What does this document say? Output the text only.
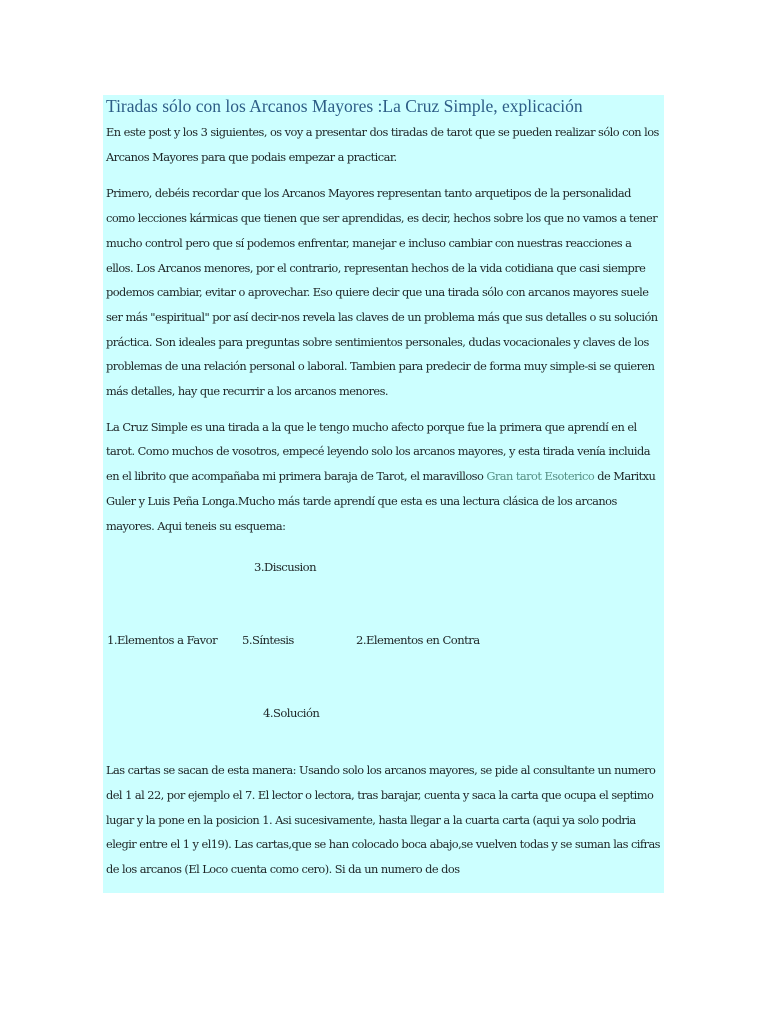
Tiradas sólo con los Arcanos Mayores :La Cruz Simple, explicación

En este post y los 3 siguientes, os voy a presentar dos tiradas de tarot que se pueden realizar sólo con los Arcanos Mayores para que podais empezar a practicar.

Primero, debéis recordar que los Arcanos Mayores representan tanto arquetipos de la personalidad como lecciones kármicas que tienen que ser aprendidas, es decir, hechos sobre los que no vamos a tener mucho control pero que sí podemos enfrentar, manejar e incluso cambiar con nuestras reacciones a ellos. Los Arcanos menores, por el contrario, representan hechos de la vida cotidiana que casi siempre podemos cambiar, evitar o aprovechar. Eso quiere decir que una tirada sólo con arcanos mayores suele ser más "espiritual" por así decir-nos revela las claves de un problema más que sus detalles o su solución práctica. Son ideales para preguntas sobre sentimientos personales, dudas vocacionales y claves de los problemas de una relación personal o laboral. Tambien para predecir de forma muy simple-si se quieren más detalles, hay que recurrir a los arcanos menores.

La Cruz Simple es una tirada a la que le tengo mucho afecto porque fue la primera que aprendí en el tarot. Como muchos de vosotros, empecé leyendo solo los arcanos mayores, y esta tirada venía incluida en el librito que acompañaba mi primera baraja de Tarot, el maravilloso Gran tarot Esoterico de Maritxu Guler y Luis Peña Longa.Mucho más tarde aprendí que esta es una lectura clásica de los arcanos mayores. Aqui teneis su esquema:

3.Discusion
1.Elementos a Favor 5.Síntesis	2.Elementos en Contra
4.Solución

Las cartas se sacan de esta manera: Usando solo los arcanos mayores, se pide al consultante un numero del 1 al 22, por ejemplo el 7. El lector o lectora, tras barajar, cuenta y saca la carta que ocupa el septimo lugar y la pone en la posicion 1. Asi sucesivamente, hasta llegar a la cuarta carta (aqui ya solo podria elegir entre el 1 y el19). Las cartas,que se han colocado boca abajo,se vuelven todas y se suman las cifras de los arcanos (El Loco cuenta como cero). Si da un numero de dos
